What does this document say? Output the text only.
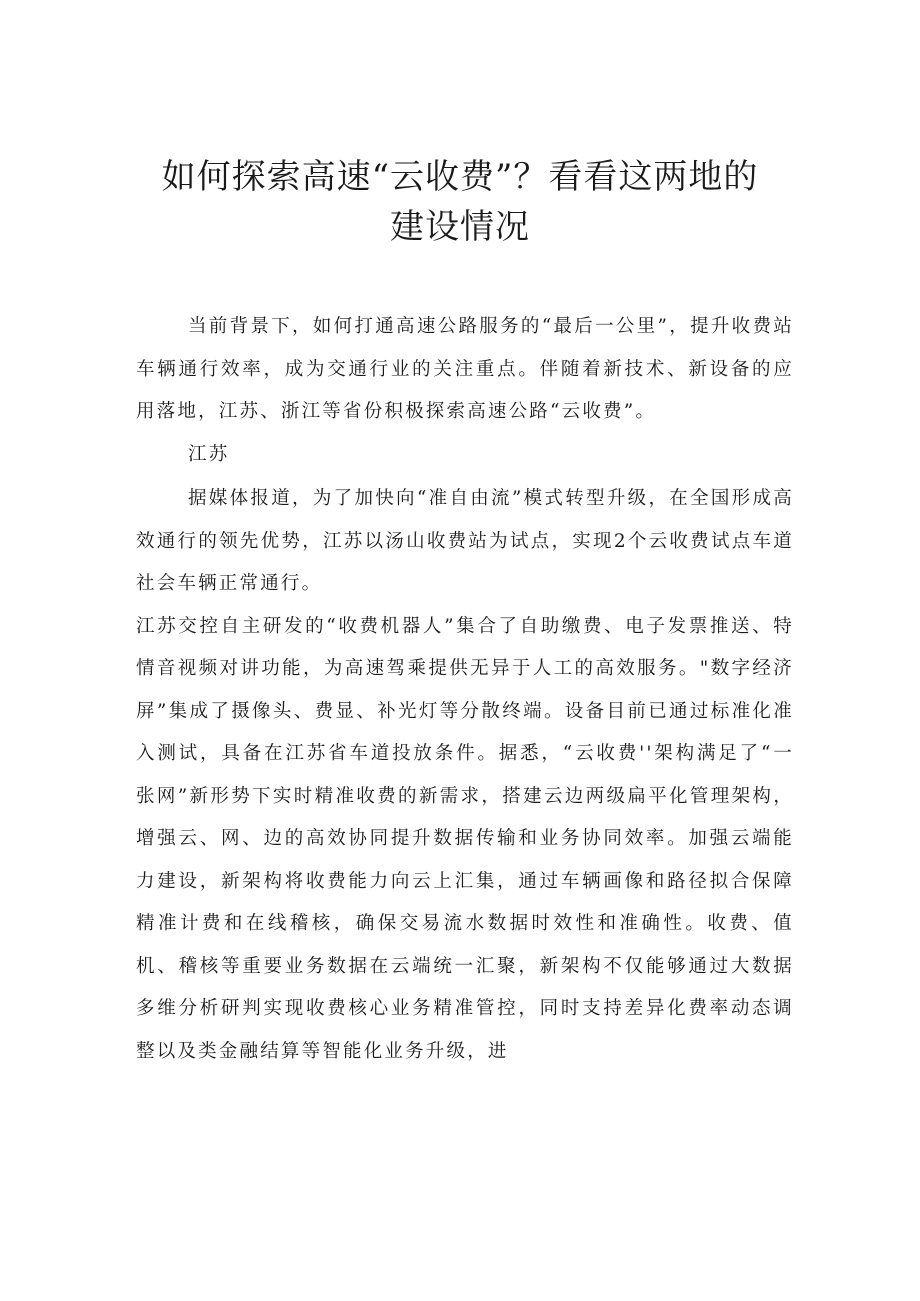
如何探索高速“云收费”？看看这两地的
建设情况

当前背景下，如何打通高速公路服务的“最后一公里”，提升收费站车辆通行效率，成为交通行业的关注重点。伴随着新技术、新设备的应用落地，江苏、浙江等省份积极探索高速公路“云收费”。

江苏

据媒体报道，为了加快向“准自由流”模式转型升级，在全国形成高效通行的领先优势，江苏以汤山收费站为试点，实现2个云收费试点车道社会车辆正常通行。

江苏交控自主研发的“收费机器人”集合了自助缴费、电子发票推送、特情音视频对讲功能，为高速驾乘提供无异于人工的高效服务。"数字经济屏”集成了摄像头、费显、补光灯等分散终端。设备目前已通过标准化准入测试，具备在江苏省车道投放条件。据悉，“云收费''架构满足了“一张网”新形势下实时精准收费的新需求，搭建云边两级扁平化管理架构，增强云、网、边的高效协同提升数据传输和业务协同效率。加强云端能力建设，新架构将收费能力向云上汇集，通过车辆画像和路径拟合保障精准计费和在线稽核，确保交易流水数据时效性和准确性。收费、值机、稽核等重要业务数据在云端统一汇聚，新架构不仅能够通过大数据多维分析研判实现收费核心业务精准管控，同时支持差异化费率动态调整以及类金融结算等智能化业务升级，进
